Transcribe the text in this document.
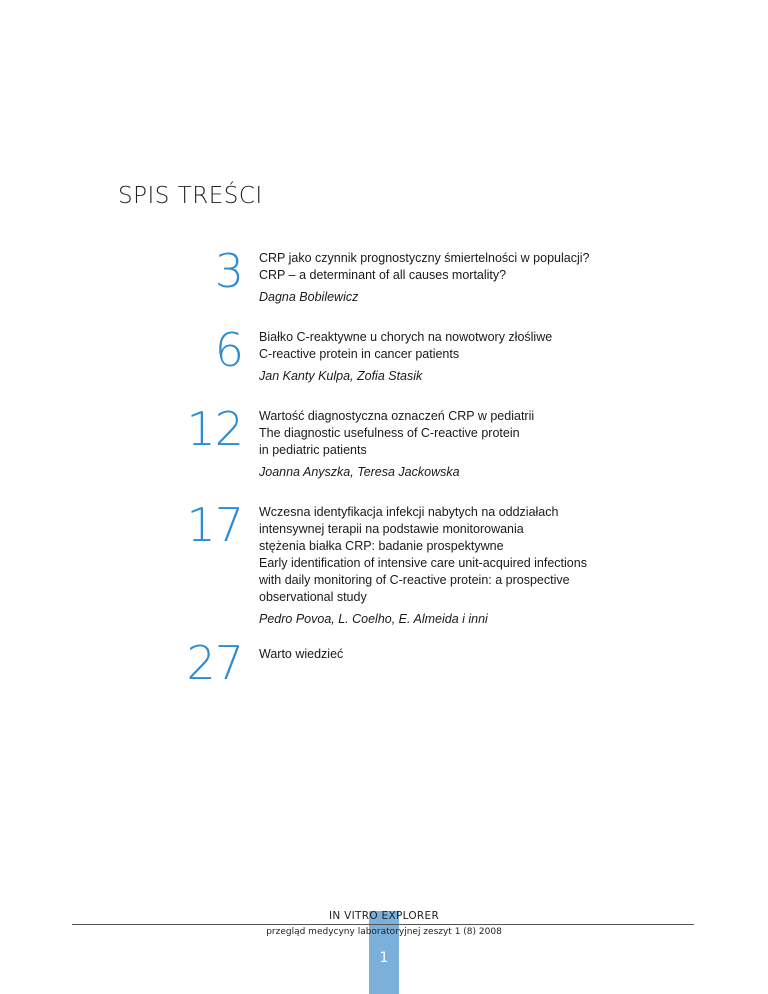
SPIS TREŚCI
3 CRP jako czynnik prognostyczny śmiertelności w populacji?
CRP – a determinant of all causes mortality?
Dagna Bobilewicz
6 Białko C-reaktywne u chorych na nowotwory złośliwe
C-reactive protein in cancer patients
Jan Kanty Kulpa, Zofia Stasik
12 Wartość diagnostyczna oznaczeń CRP w pediatrii
The diagnostic usefulness of C-reactive protein
in pediatric patients
Joanna Anyszka, Teresa Jackowska
17 Wczesna identyfikacja infekcji nabytych na oddziałach
intensywnej terapii na podstawie monitorowania
stężenia białka CRP: badanie prospektywne
Early identification of intensive care unit-acquired infections
with daily monitoring of C-reactive protein: a prospective
observational study
Pedro Povoa, L. Coelho, E. Almeida i inni
27 Warto wiedzieć
IN VITRO EXPLORER
przegląd medycyny laboratoryjnej zeszyt 1 (8) 2008
1
